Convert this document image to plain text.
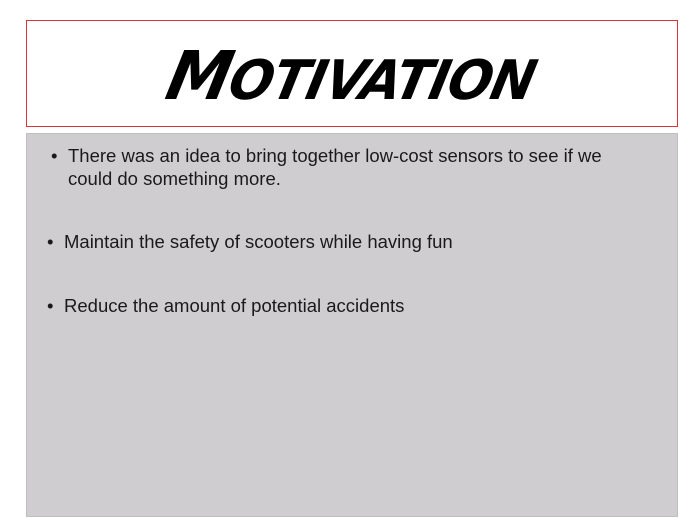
MOTIVATION
• There was an idea to bring together low-cost sensors to see if we could do something more.
• Maintain the safety of scooters while having fun
• Reduce the amount of potential accidents
